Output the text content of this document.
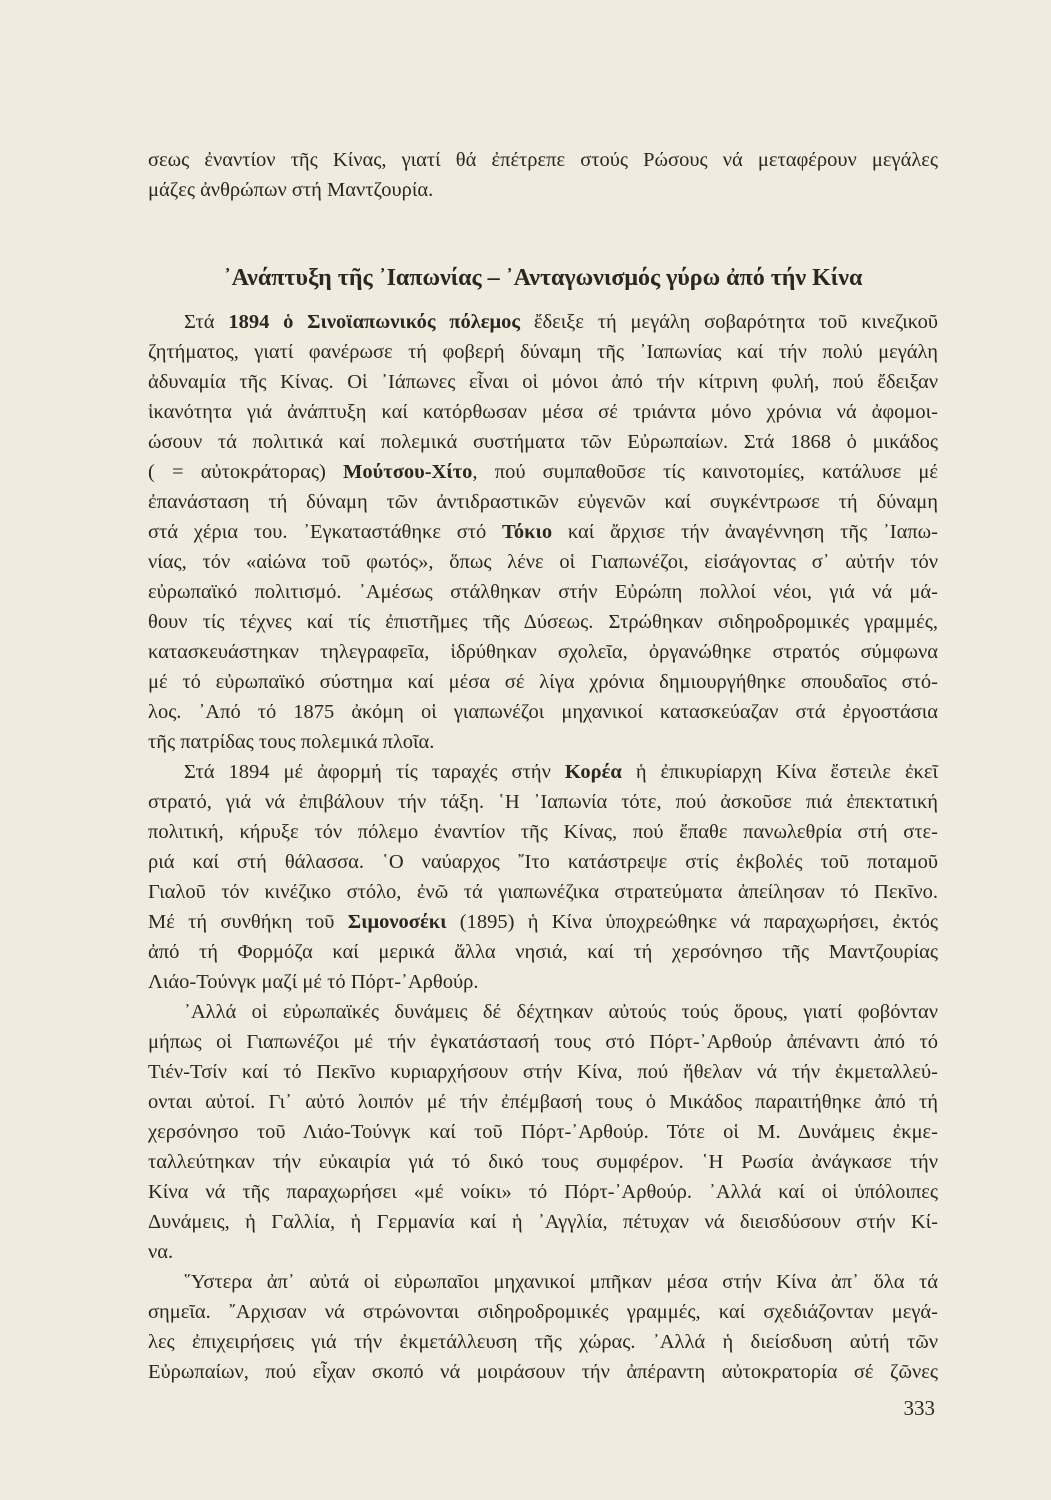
σεως ἐναντίον τῆς Κίνας, γιατί θά ἐπέτρεπε στούς Ρώσους νά μεταφέρουν μεγάλες
μάζες ἀνθρώπων στή Μαντζουρία.
᾿Ανάπτυξη τῆς ᾿Ιαπωνίας – ᾿Ανταγωνισμός γύρω ἀπό τήν Κίνα
Στά 1894 ὁ Σινοϊαπωνικός πόλεμος ἔδειξε τή μεγάλη σοβαρότητα τοῦ κινεζικοῦ
ζητήματος, γιατί φανέρωσε τή φοβερή δύναμη τῆς ᾿Ιαπωνίας καί τήν πολύ μεγάλη
ἀδυναμία τῆς Κίνας. Οἱ ᾿Ιάπωνες εἶναι οἱ μόνοι ἀπό τήν κίτρινη φυλή, πού ἔδειξαν
ἱκανότητα γιά ἀνάπτυξη καί κατόρθωσαν μέσα σέ τριάντα μόνο χρόνια νά ἀφομοι-
ώσουν τά πολιτικά καί πολεμικά συστήματα τῶν Εὐρωπαίων. Στά 1868 ὁ μικάδος
( = αὐτοκράτορας) Μούτσου-Χίτο, πού συμπαθοῦσε τίς καινοτομίες, κατάλυσε μέ
ἐπανάσταση τή δύναμη τῶν ἀντιδραστικῶν εὐγενῶν καί συγκέντρωσε τή δύναμη
στά χέρια του. ᾿Εγκαταστάθηκε στό Τόκιο καί ἄρχισε τήν ἀναγέννηση τῆς ᾿Ιαπω-
νίας, τόν «αἰώνα τοῦ φωτός», ὅπως λένε οἱ Γιαπωνέζοι, εἰσάγοντας σ᾿ αὐτήν τόν
εὐρωπαϊκό πολιτισμό. ᾿Αμέσως στάλθηκαν στήν Εὐρώπη πολλοί νέοι, γιά νά μά-
θουν τίς τέχνες καί τίς ἐπιστῆμες τῆς Δύσεως. Στρώθηκαν σιδηροδρομικές γραμμές,
κατασκευάστηκαν τηλεγραφεῖα, ἱδρύθηκαν σχολεῖα, ὀργανώθηκε στρατός σύμφωνα
μέ τό εὐρωπαϊκό σύστημα καί μέσα σέ λίγα χρόνια δημιουργήθηκε σπουδαῖος στό-
λος. ᾿Από τό 1875 ἀκόμη οἱ γιαπωνέζοι μηχανικοί κατασκεύαζαν στά ἐργοστάσια
τῆς πατρίδας τους πολεμικά πλοῖα.
Στά 1894 μέ ἀφορμή τίς ταραχές στήν Κορέα ἡ ἐπικυρίαρχη Κίνα ἔστειλε ἐκεῖ
στρατό, γιά νά ἐπιβάλουν τήν τάξη. ῾Η ᾿Ιαπωνία τότε, πού ἀσκοῦσε πιά ἐπεκτατική
πολιτική, κήρυξε τόν πόλεμο ἐναντίον τῆς Κίνας, πού ἔπαθε πανωλεθρία στή στε-
ριά καί στή θάλασσα. ῾Ο ναύαρχος ῎Ιτο κατάστρεψε στίς ἐκβολές τοῦ ποταμοῦ
Γιαλοῦ τόν κινέζικο στόλο, ἐνῶ τά γιαπωνέζικα στρατεύματα ἀπείλησαν τό Πεκῖνο.
Μέ τή συνθήκη τοῦ Σιμονοσέκι (1895) ἡ Κίνα ὑποχρεώθηκε νά παραχωρήσει, ἐκτός
ἀπό τή Φορμόζα καί μερικά ἄλλα νησιά, καί τή χερσόνησο τῆς Μαντζουρίας
Λιάο-Τούνγκ μαζί μέ τό Πόρτ-᾿Αρθούρ.
᾿Αλλά οἱ εὐρωπαϊκές δυνάμεις δέ δέχτηκαν αὐτούς τούς ὅρους, γιατί φοβόνταν
μήπως οἱ Γιαπωνέζοι μέ τήν ἐγκατάστασή τους στό Πόρτ-᾿Αρθούρ ἀπέναντι ἀπό τό
Τιέν-Τσίν καί τό Πεκῖνο κυριαρχήσουν στήν Κίνα, πού ἤθελαν νά τήν ἐκμεταλλεύ-
ονται αὐτοί. Γι᾿ αὐτό λοιπόν μέ τήν ἐπέμβασή τους ὁ Μικάδος παραιτήθηκε ἀπό τή
χερσόνησο τοῦ Λιάο-Τούνγκ καί τοῦ Πόρτ-᾿Αρθούρ. Τότε οἱ Μ. Δυνάμεις ἐκμε-
ταλλεύτηκαν τήν εὐκαιρία γιά τό δικό τους συμφέρον. ῾Η Ρωσία ἀνάγκασε τήν
Κίνα νά τῆς παραχωρήσει «μέ νοίκι» τό Πόρτ-᾿Αρθούρ. ᾿Αλλά καί οἱ ὑπόλοιπες
Δυνάμεις, ἡ Γαλλία, ἡ Γερμανία καί ἡ ᾿Αγγλία, πέτυχαν νά διεισδύσουν στήν Κί-
να.
῞Υστερα ἀπ᾿ αὐτά οἱ εὐρωπαῖοι μηχανικοί μπῆκαν μέσα στήν Κίνα ἀπ᾿ ὅλα τά
σημεῖα. ῎Αρχισαν νά στρώνονται σιδηροδρομικές γραμμές, καί σχεδιάζονταν μεγά-
λες ἐπιχειρήσεις γιά τήν ἐκμετάλλευση τῆς χώρας. ᾿Αλλά ἡ διείσδυση αὐτή τῶν
Εὐρωπαίων, πού εἶχαν σκοπό νά μοιράσουν τήν ἀπέραντη αὐτοκρατορία σέ ζῶνες
333
